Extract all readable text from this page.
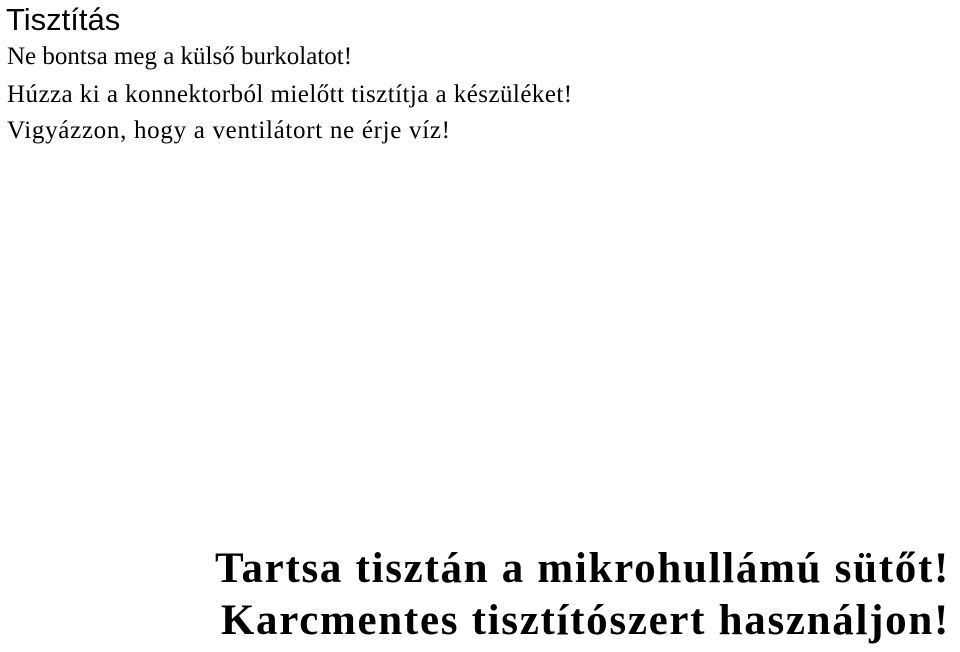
Tisztítás
Ne bontsa meg a külső burkolatot!
Húzza ki a konnektorból mielőtt tisztítja a készüléket!
Vigyázzon, hogy a ventilátort ne érje víz!
Tartsa tisztán a mikrohullámú sütőt!
Karcmentes tisztítószert használjon!
